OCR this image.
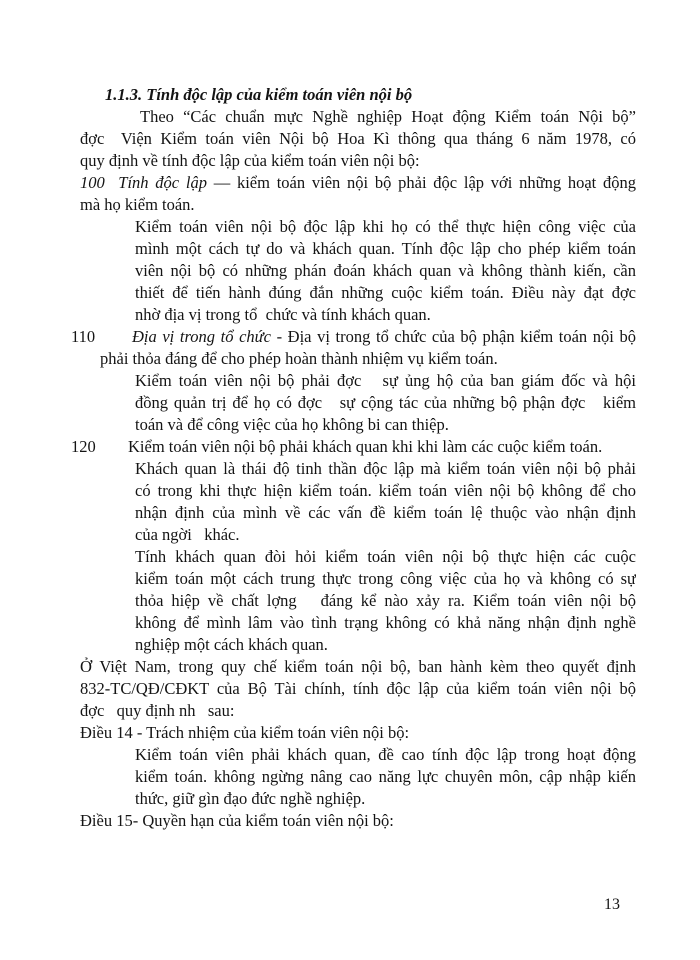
1.1.3. Tính độc lập của kiểm toán viên nội bộ
Theo “Các chuẩn mực Nghề nghiệp Hoạt động Kiểm toán Nội bộ”
đợc  Viện Kiểm toán viên Nội bộ Hoa Kì thông qua tháng 6 năm 1978, có
quy định về tính độc lập của kiểm toán viên nội bộ:
100  Tính độc lập — kiểm toán viên nội bộ phải độc lập với những hoạt động
mà họ kiểm toán.
Kiểm toán viên nội bộ độc lập khi họ có thể thực hiện công việc của
mình một cách tự do và khách quan. Tính độc lập cho phép kiểm toán
viên nội bộ có những phán đoán khách quan và không thành kiến, cần
thiết để tiến hành đúng đắn những cuộc kiểm toán. Điều này đạt đợc
nhờ địa vị trong tổ  chức và tính khách quan.
110	Địa vị trong tổ chức - Địa vị trong tổ chức của bộ phận kiểm toán nội bộ
phải thỏa đáng để cho phép hoàn thành nhiệm vụ kiểm toán.
Kiểm toán viên nội bộ phải đợc   sự ủng hộ của ban giám đốc và hội
đồng quản trị để họ có đợc   sự cộng tác của những bộ phận đợc   kiểm
toán và để công việc của họ không bi can thiệp.
120	Kiểm toán viên nội bộ phải khách quan khi khi làm các cuộc kiểm toán.
Khách quan là thái độ tinh thần độc lập mà kiểm toán viên nội bộ phải
có trong khi thực hiện kiểm toán. kiểm toán viên nội bộ không để cho
nhận định của mình về các vấn đề kiểm toán lệ thuộc vào nhận định
của ngời   khác.
Tính khách quan đòi hỏi kiểm toán viên nội bộ thực hiện các cuộc
kiểm toán một cách trung thực trong công việc của họ và không có sự
thỏa hiệp về chất lợng   đáng kể nào xảy ra. Kiểm toán viên nội bộ
không để mình lâm vào tình trạng không có khả năng nhận định nghề
nghiệp một cách khách quan.
Ở Việt Nam, trong quy chế kiểm toán nội bộ, ban hành kèm theo quyết định
832-TC/QĐ/CĐKT của Bộ Tài chính, tính độc lập của kiểm toán viên nội bộ
đợc   quy định nh   sau:
Điều 14 - Trách nhiệm của kiểm toán viên nội bộ:
Kiểm toán viên phải khách quan, đề cao tính độc lập trong hoạt động
kiểm toán. không ngừng nâng cao năng lực chuyên môn, cập nhập kiến
thức, giữ gìn đạo đức nghề nghiệp.
Điều 15- Quyền hạn của kiểm toán viên nội bộ:
13
